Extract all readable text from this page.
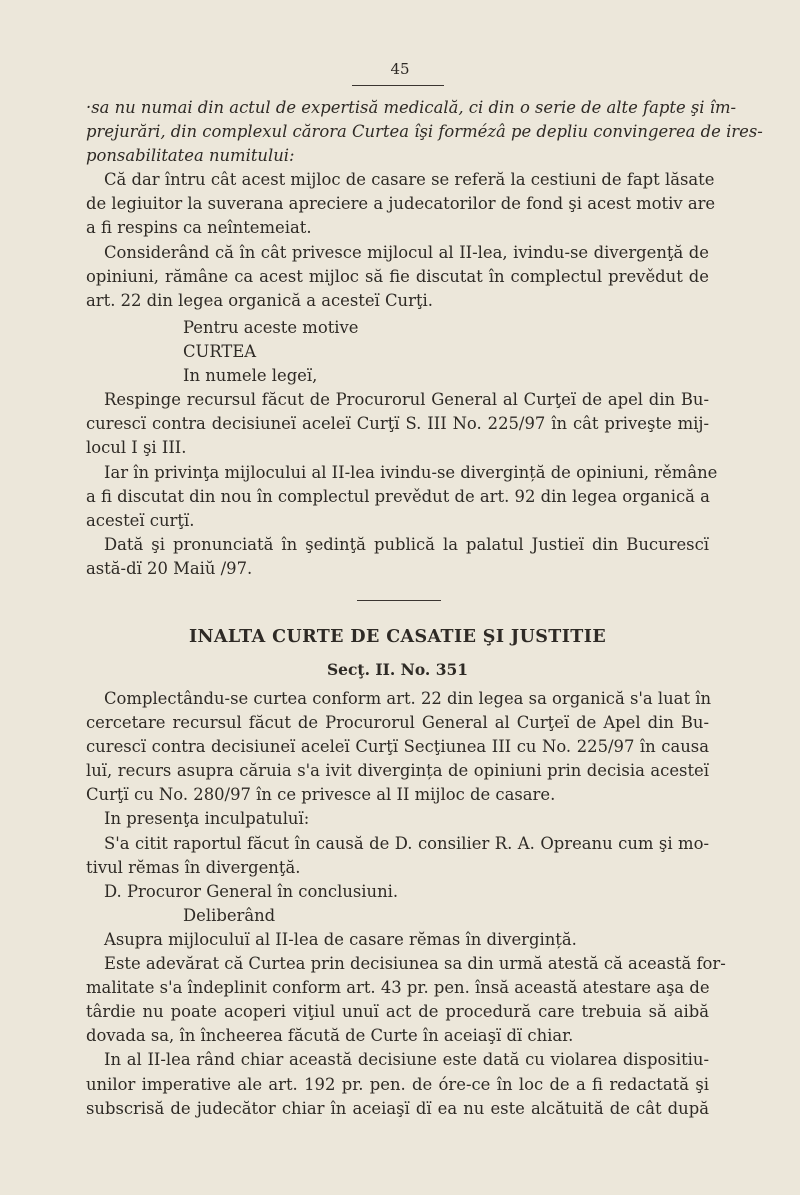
45
·sa nu numai din actul de expertisă medicală, ci din o serie de alte fapte şi îm-
prejurări, din complexul cărora Curtea îşi formézâ pe depliu convingerea de ires-
ponsabilitatea numitului:
Că dar întru cât acest mijloc de casare se referă la cestiuni de fapt lăsate
de legiuitor la suverana apreciere a judecatorilor de fond şi acest motiv are
a fi respins ca neîntemeiat.
Considerând că în cât privesce mijlocul al II-lea, ivindu-se divergenţă de
opiniuni, rămâne ca acest mijloc să fie discutat în complectul prevědut de
art. 22 din legea organică a acesteï Curţi.
Pentru aceste motive
CURTEA
In numele legeï,
Respinge recursul făcut de Procurorul General al Curţeï de apel din Bu-
curescï contra decisiuneï aceleï Curţï S. III No. 225/97 în cât priveşte mij-
locul I şi III.
Iar în privinţa mijlocului al II-lea ivindu-se divergință de opiniuni, rěmâne
a fi discutat din nou în complectul prevědut de art. 92 din legea organică a
acesteï curţï.
Dată şi pronunciată în şedinţă publică la palatul Justieï din Bucurescï
astă-dï 20 Maiŭ /97.
INALTA CURTE DE CASATIE ŞI JUSTITIE
Secţ. II. No. 351
Complectându-se curtea conform art. 22 din legea sa organică s'a luat în
cercetare recursul făcut de Procurorul General al Curţeï de Apel din Bu-
curescï contra decisiuneï aceleï Curţï Secţiunea III cu No. 225/97 în causa
luï, recurs asupra căruia s'a ivit divergința de opiniuni prin decisia acesteï
Curţï cu No. 280/97 în ce privesce al II mijloc de casare.
In presenţa inculpatuluï:
S'a citit raportul făcut în causă de D. consilier R. A. Opreanu cum şi mo-
tivul rĕmas în divergenţă.
D. Procuror General în conclusiuni.
Deliberând
Asupra mijloculuï al II-lea de casare rĕmas în divergință.
Este adevărat că Curtea prin decisiunea sa din urmă atestă că această for-
malitate s'a îndeplinit conform art. 43 pr. pen. însă această atestare aşa de
târdie nu poate acoperi viţiul unuï act de procedură care trebuia să aibă
dovada sa, în încheerea făcută de Curte în aceiaşï dï chiar.
In al II-lea rând chiar această decisiune este dată cu violarea dispositiu-
unilor imperative ale art. 192 pr. pen. de óre-ce în loc de a fi redactată şi
subscrisă de judecător chiar în aceiaşï dï ea nu este alcătuită de cât după
